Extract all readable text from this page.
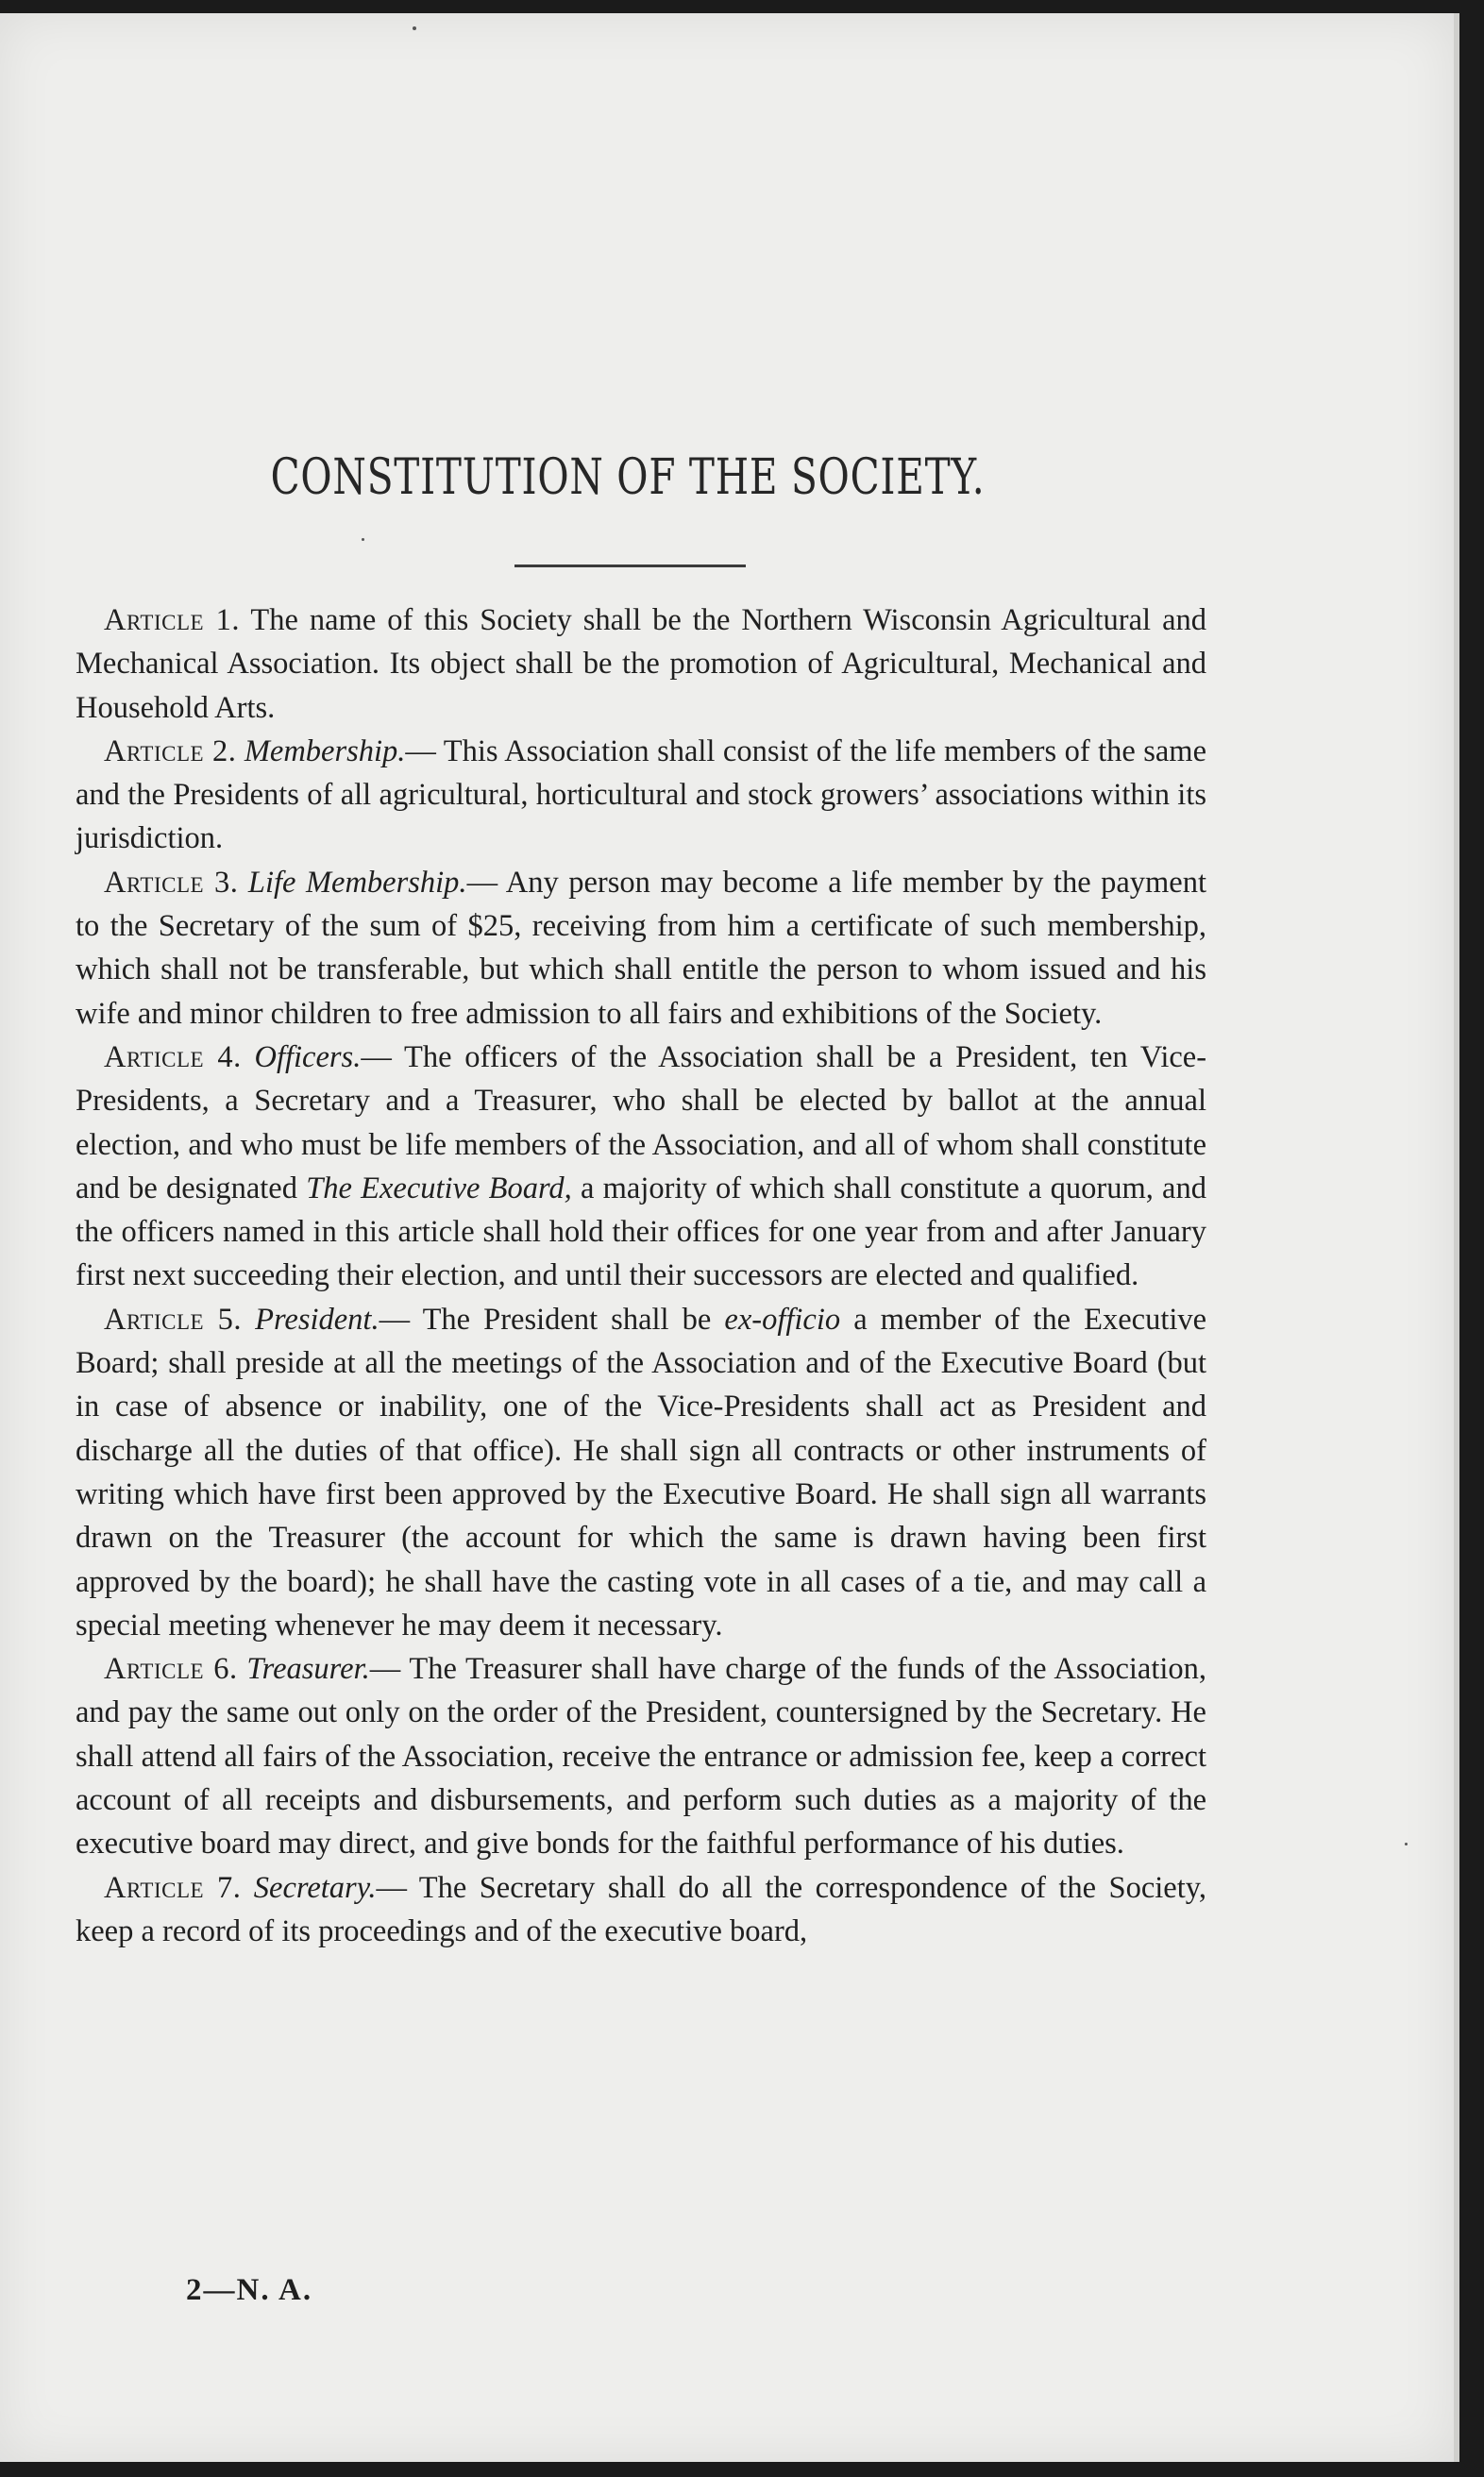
CONSTITUTION OF THE SOCIETY.

Article 1. The name of this Society shall be the Northern Wisconsin Agricultural and Mechanical Association. Its object shall be the promotion of Agricultural, Mechanical and Household Arts.

Article 2. Membership.— This Association shall consist of the life members of the same and the Presidents of all agricultural, horticultural and stock growers’ associations within its jurisdiction.

Article 3. Life Membership.— Any person may become a life member by the payment to the Secretary of the sum of $25, receiving from him a certificate of such membership, which shall not be transferable, but which shall entitle the person to whom issued and his wife and minor children to free admission to all fairs and exhibitions of the Society.

Article 4. Officers.— The officers of the Association shall be a President, ten Vice-Presidents, a Secretary and a Treasurer, who shall be elected by ballot at the annual election, and who must be life members of the Association, and all of whom shall constitute and be designated The Executive Board, a majority of which shall constitute a quorum, and the officers named in this article shall hold their offices for one year from and after January first next succeeding their election, and until their successors are elected and qualified.

Article 5. President.— The President shall be ex-officio a member of the Executive Board; shall preside at all the meetings of the Association and of the Executive Board (but in case of absence or inability, one of the Vice-Presidents shall act as President and discharge all the duties of that office). He shall sign all contracts or other instruments of writing which have first been approved by the Executive Board. He shall sign all warrants drawn on the Treasurer (the account for which the same is drawn having been first approved by the board); he shall have the casting vote in all cases of a tie, and may call a special meeting whenever he may deem it necessary.

Article 6. Treasurer.— The Treasurer shall have charge of the funds of the Association, and pay the same out only on the order of the President, countersigned by the Secretary. He shall attend all fairs of the Association, receive the entrance or admission fee, keep a correct account of all receipts and disbursements, and perform such duties as a majority of the executive board may direct, and give bonds for the faithful performance of his duties.

Article 7. Secretary.— The Secretary shall do all the correspondence of the Society, keep a record of its proceedings and of the executive board,

2—N. A.
